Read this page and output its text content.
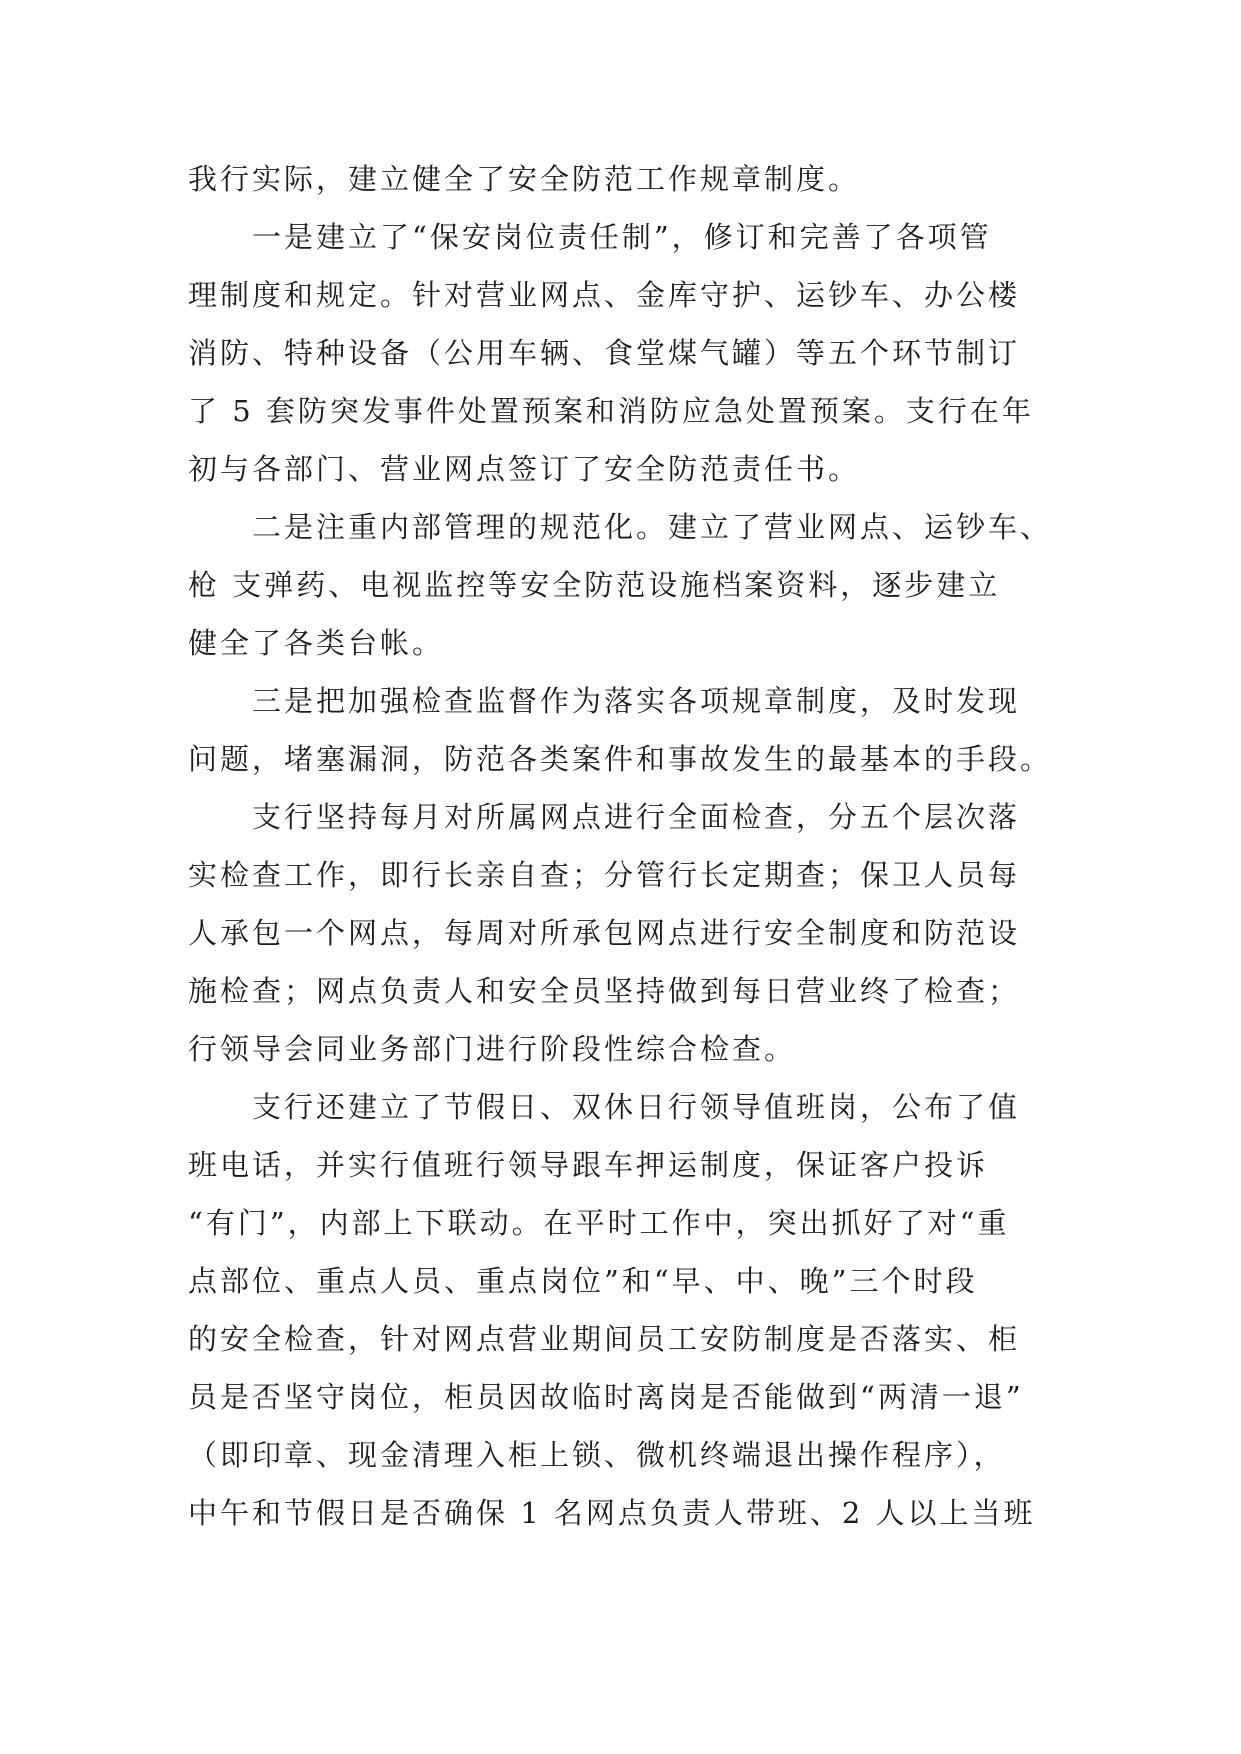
我行实际，建立健全了安全防范工作规章制度。
一是建立了“保安岗位责任制”，修订和完善了各项管
理制度和规定。针对营业网点、金库守护、运钞车、办公楼
消防、特种设备（公用车辆、食堂煤气罐）等五个环节制订
了 5 套防突发事件处置预案和消防应急处置预案。支行在年
初与各部门、营业网点签订了安全防范责任书。
二是注重内部管理的规范化。建立了营业网点、运钞车、
枪 支弹药、电视监控等安全防范设施档案资料，逐步建立
健全了各类台帐。
三是把加强检查监督作为落实各项规章制度，及时发现
问题，堵塞漏洞，防范各类案件和事故发生的最基本的手段。
支行坚持每月对所属网点进行全面检查，分五个层次落
实检查工作，即行长亲自查；分管行长定期查；保卫人员每
人承包一个网点，每周对所承包网点进行安全制度和防范设
施检查；网点负责人和安全员坚持做到每日营业终了检查；
行领导会同业务部门进行阶段性综合检查。
支行还建立了节假日、双休日行领导值班岗，公布了值
班电话，并实行值班行领导跟车押运制度，保证客户投诉
“有门”，内部上下联动。在平时工作中，突出抓好了对“重
点部位、重点人员、重点岗位”和“早、中、晚”三个时段
的安全检查，针对网点营业期间员工安防制度是否落实、柜
员是否坚守岗位，柜员因故临时离岗是否能做到“两清一退”
（即印章、现金清理入柜上锁、微机终端退出操作程序），
中午和节假日是否确保 1 名网点负责人带班、2 人以上当班
